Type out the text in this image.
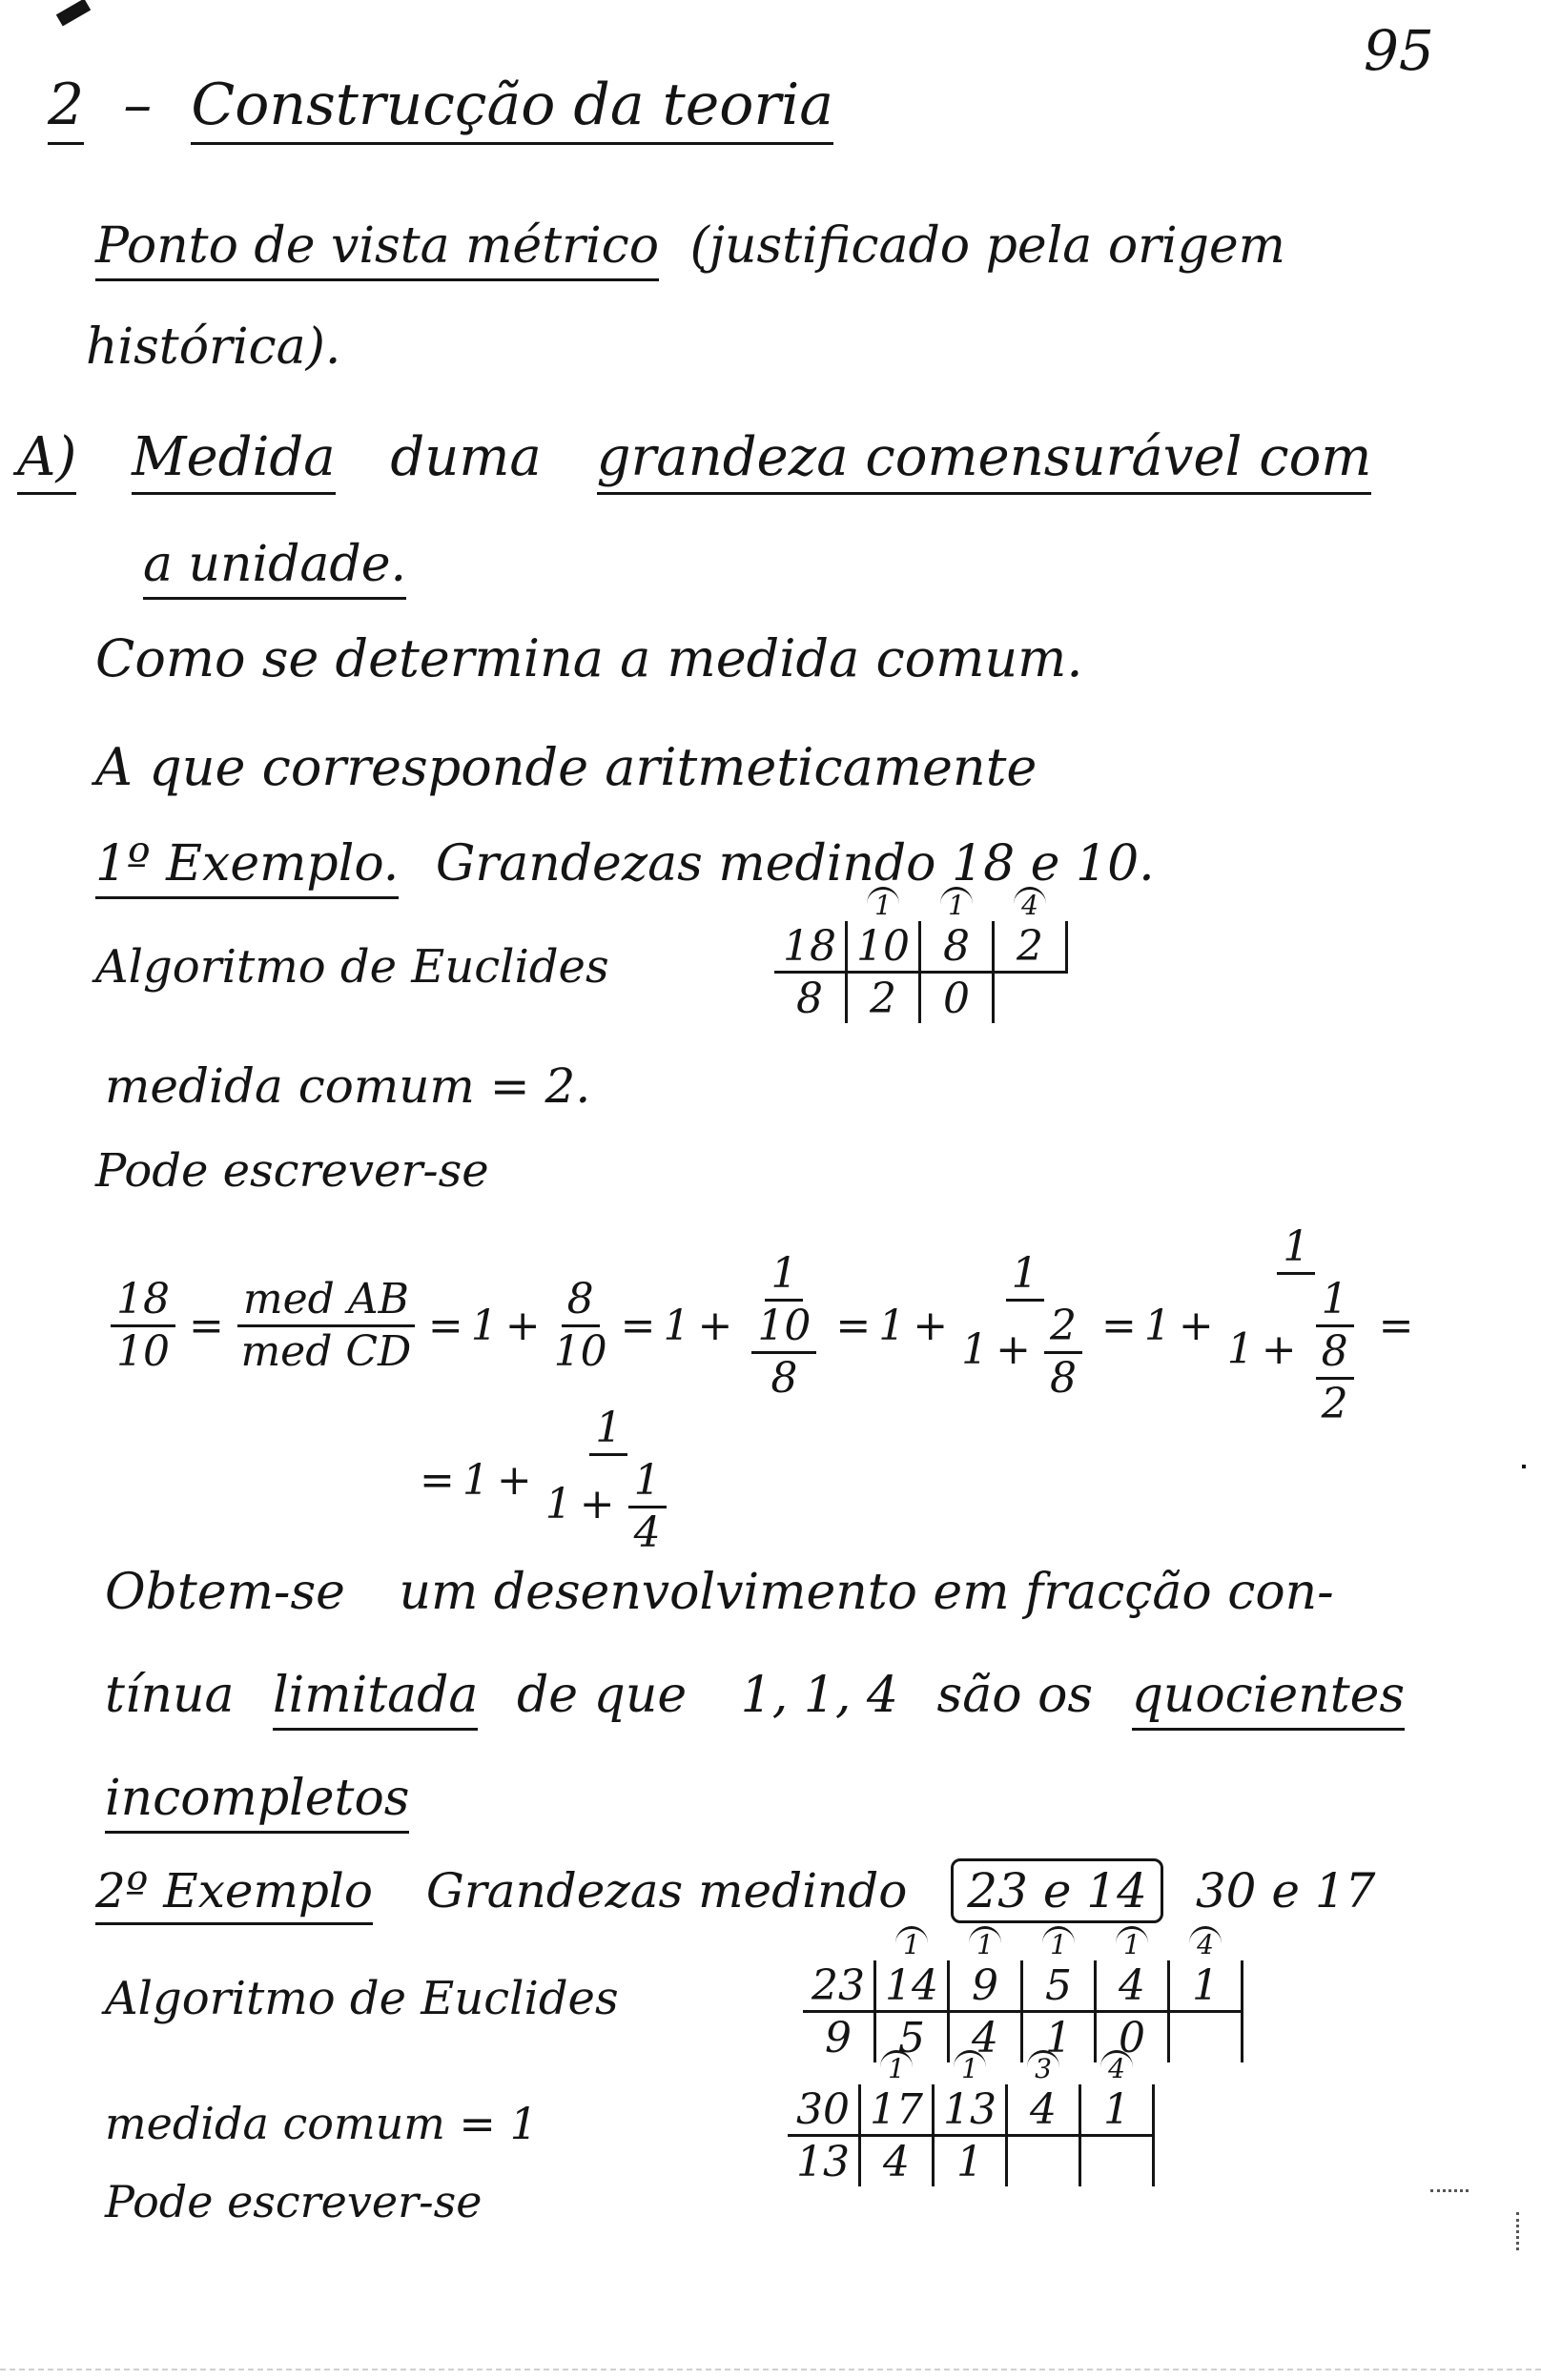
95
2 – Construcção da teoria
Ponto de vista métrico (justificado pela origem
histórica).
A) Medida duma grandeza comensurável com
a unidade.
Como se determina a medida comum.
A que corresponde aritmeticamente
1º Exemplo. Grandezas medindo 18 e 10.
Algoritmo de Euclides
	1	1	4
18	10	8	2
8	2	0	
medida comum = 2.
Pode escrever-se
$\frac{18}{10} = \frac{\text{med AB}}{\text{med CD}} = 1 + \frac{8}{10} = 1 + \frac{1}{\frac{10}{8}} = 1 + \frac{1}{1 + \frac{2}{8}} = 1 + \frac{1}{1 + \frac{1}{\frac{8}{2}}}$ =
= $1 + \frac{1}{1 + \frac{1}{4}}$
Obtem-se um desenvolvimento em fracção con-
tínua limitada de que 1, 1, 4 são os quocientes
incompletos
2º Exemplo Grandezas medindo 23 e 14 30 e 17
Algoritmo de Euclides
	1	1	1	1	4
23	14	9	5	4	1
9	5	4	1	0	
medida comum = 1
Pode escrever-se
	1	1	3	4
30	17	13	4	1
13	4	1		
